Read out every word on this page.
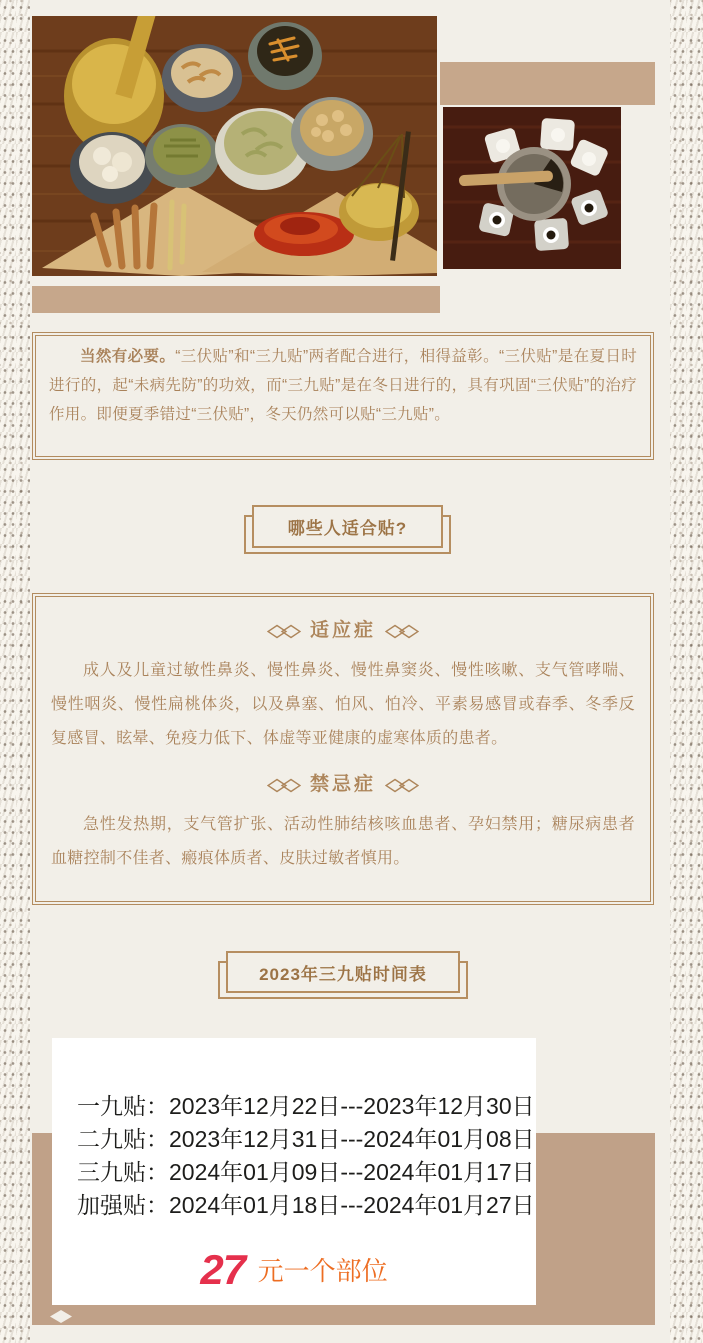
当然有必要。“三伏贴”和“三九贴”两者配合进行，相得益彰。“三伏贴”是在夏日时进行的，起“未病先防”的功效，而“三九贴”是在冬日进行的，具有巩固“三伏贴”的治疗作用。即便夏季错过“三伏贴”，冬天仍然可以贴“三九贴”。

哪些人适合贴?
适应症

成人及儿童过敏性鼻炎、慢性鼻炎、慢性鼻窦炎、慢性咳嗽、支气管哮喘、慢性咽炎、慢性扁桃体炎，以及鼻塞、怕风、怕冷、平素易感冒或春季、冬季反复感冒、眩晕、免疫力低下、体虚等亚健康的虚寒体质的患者。

禁忌症

急性发热期，支气管扩张、活动性肺结核咳血患者、孕妇禁用；糖尿病患者血糖控制不佳者、瘢痕体质者、皮肤过敏者慎用。

2023年三九贴时间表
一九贴：2023年12月22日---2023年12月30日
二九贴：2023年12月31日---2024年01月08日
三九贴：2024年01月09日---2024年01月17日
加强贴：2024年01月18日---2024年01月27日
27 元一个部位
